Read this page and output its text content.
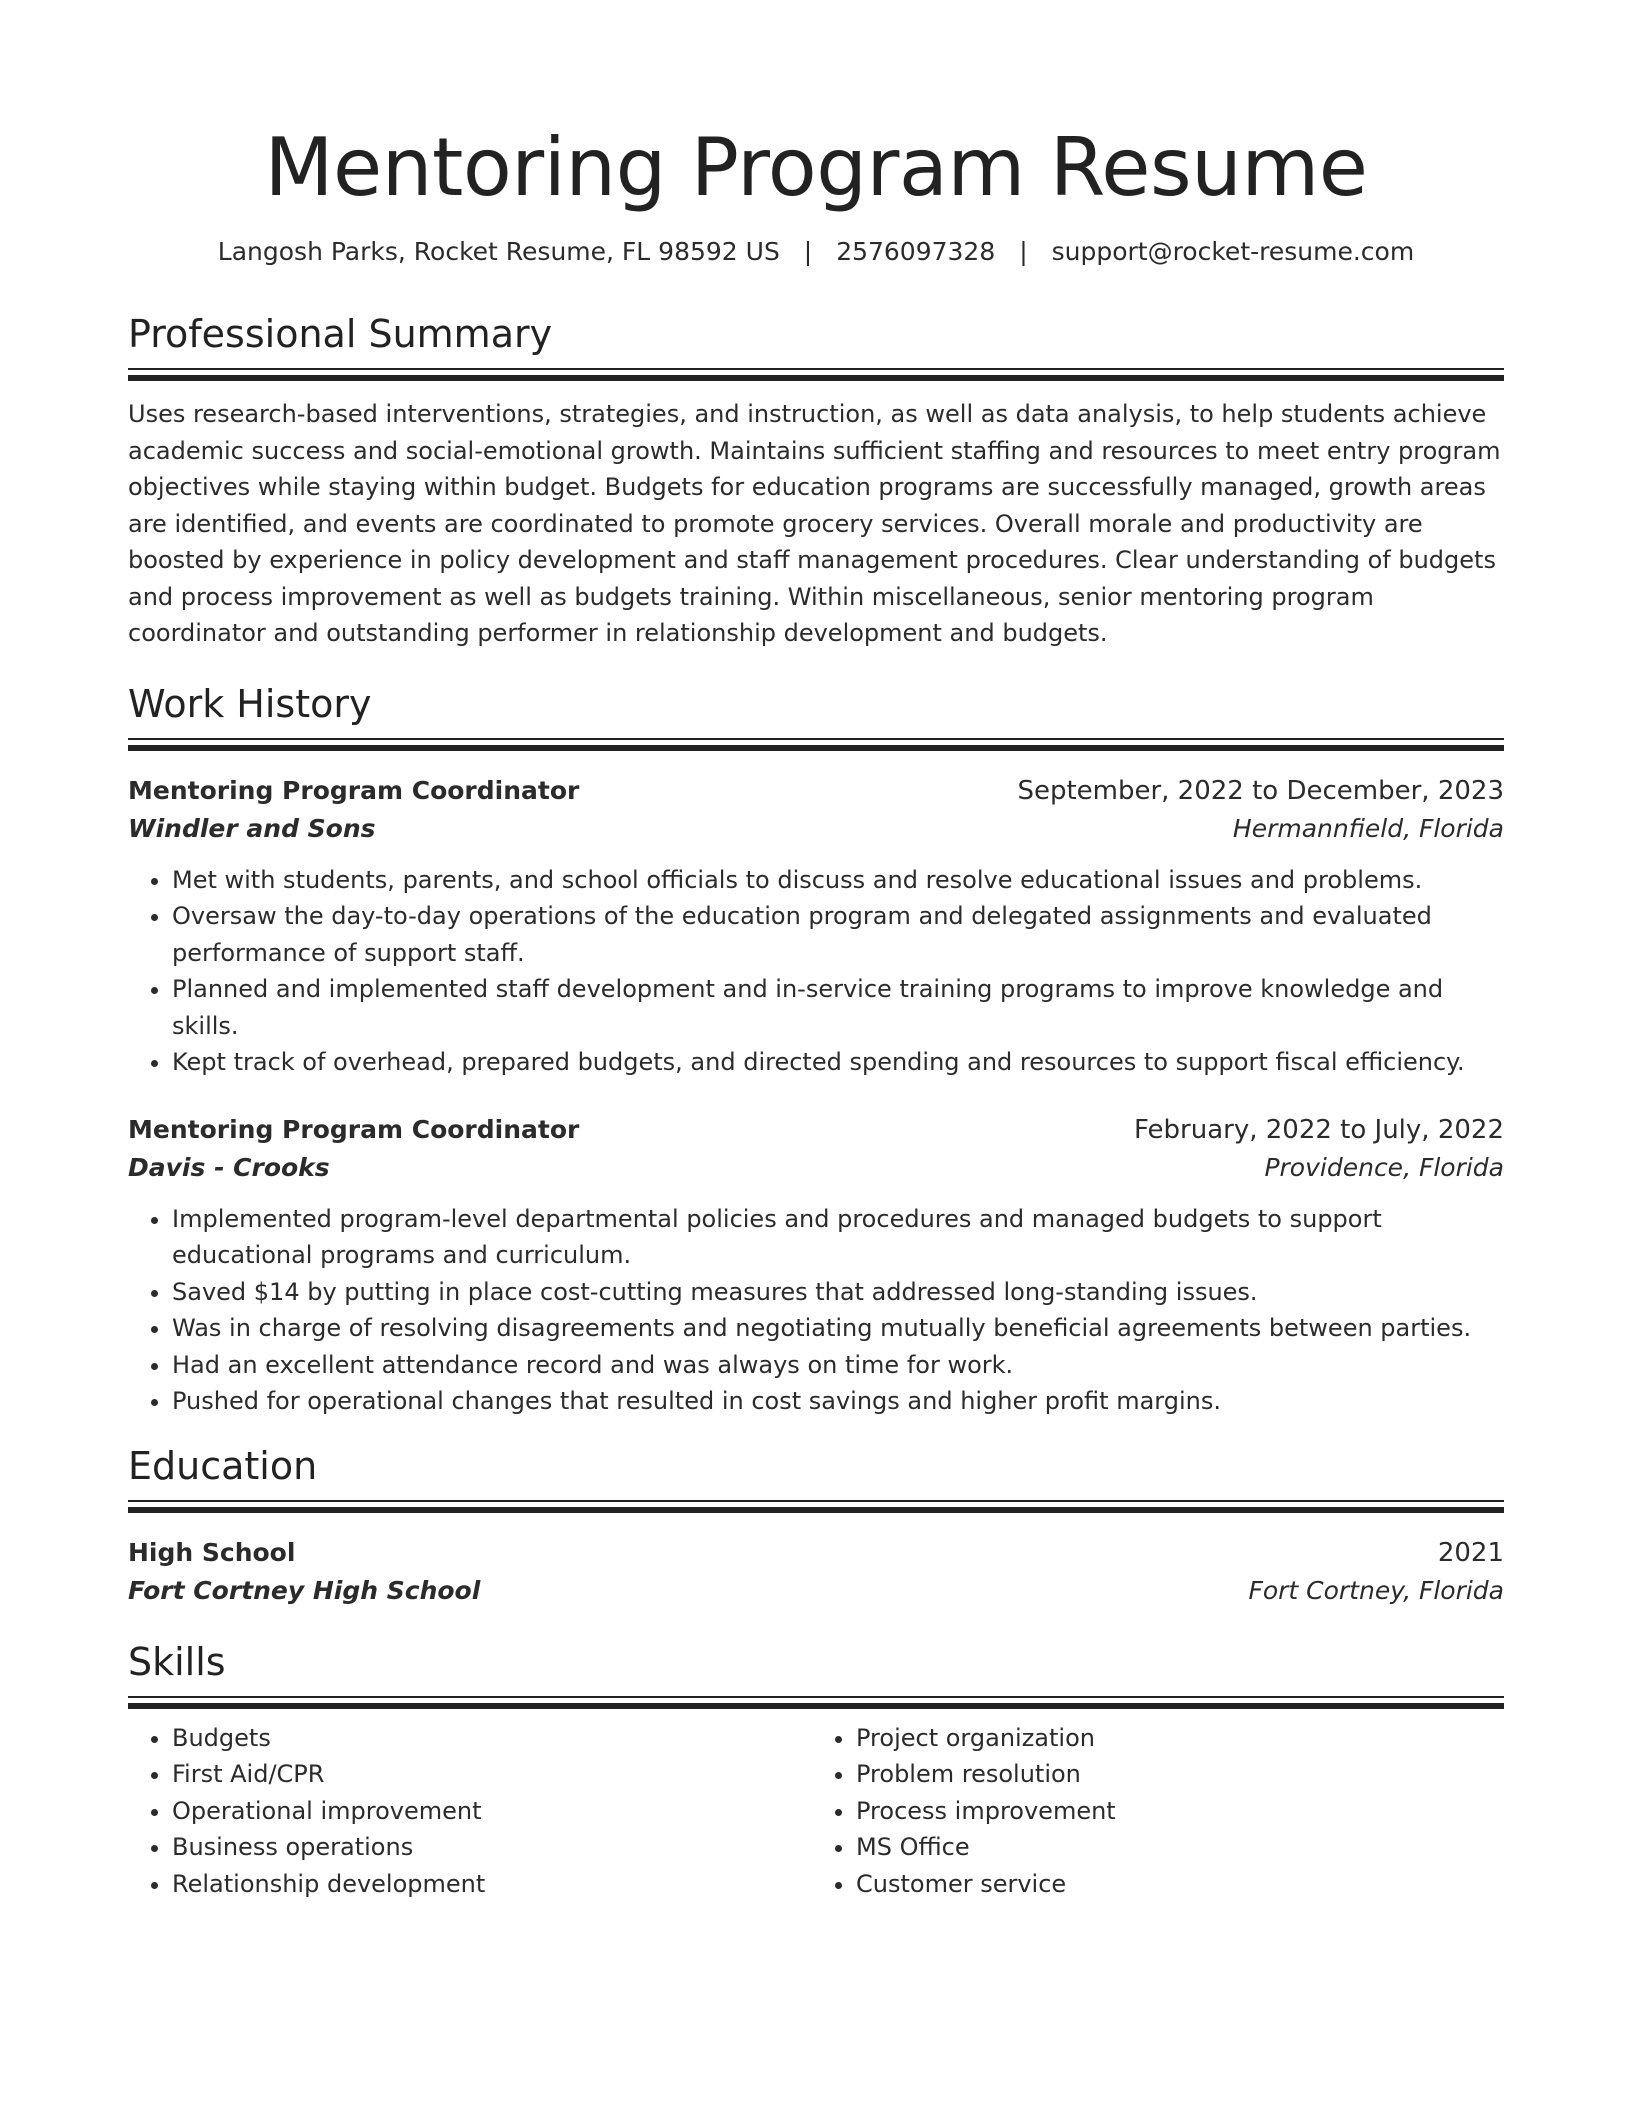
Mentoring Program Resume
Langosh Parks, Rocket Resume, FL 98592 US | 2576097328 | support@rocket-resume.com
Professional Summary

Uses research-based interventions, strategies, and instruction, as well as data analysis, to help students achieve academic success and social-emotional growth. Maintains sufficient staffing and resources to meet entry program objectives while staying within budget. Budgets for education programs are successfully managed, growth areas are identified, and events are coordinated to promote grocery services. Overall morale and productivity are boosted by experience in policy development and staff management procedures. Clear understanding of budgets and process improvement as well as budgets training. Within miscellaneous, senior mentoring program coordinator and outstanding performer in relationship development and budgets.

Work History
Mentoring Program Coordinator	September, 2022 to December, 2023
Windler and Sons	Hermannfield, Florida
• Met with students, parents, and school officials to discuss and resolve educational issues and problems.
• Oversaw the day-to-day operations of the education program and delegated assignments and evaluated performance of support staff.
• Planned and implemented staff development and in-service training programs to improve knowledge and skills.
• Kept track of overhead, prepared budgets, and directed spending and resources to support fiscal efficiency.
Mentoring Program Coordinator	February, 2022 to July, 2022
Davis - Crooks	Providence, Florida
• Implemented program-level departmental policies and procedures and managed budgets to support educational programs and curriculum.
• Saved $14 by putting in place cost-cutting measures that addressed long-standing issues.
• Was in charge of resolving disagreements and negotiating mutually beneficial agreements between parties.
• Had an excellent attendance record and was always on time for work.
• Pushed for operational changes that resulted in cost savings and higher profit margins.
Education
High School	2021
Fort Cortney High School	Fort Cortney, Florida
Skills
• Budgets
• First Aid/CPR
• Operational improvement
• Business operations
• Relationship development
• Project organization
• Problem resolution
• Process improvement
• MS Office
• Customer service
